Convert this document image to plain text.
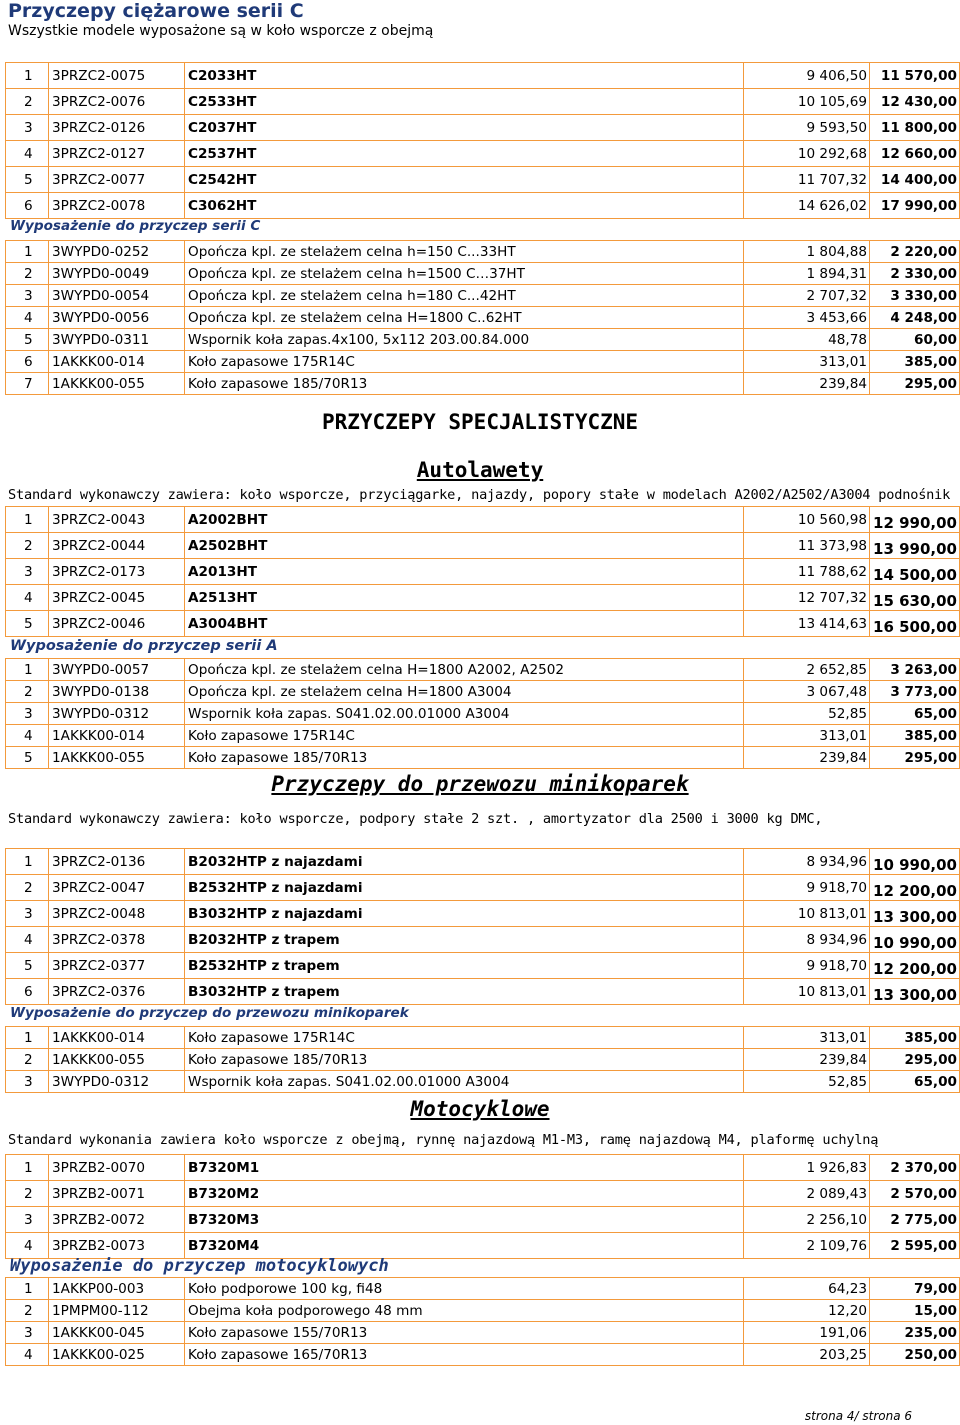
Przyczepy ciężarowe serii C
Wszystkie modele wyposażone są w koło wsporcze z obejmą
1	3PRZC2-0075	C2033HT	9 406,50	11 570,00
2	3PRZC2-0076	C2533HT	10 105,69	12 430,00
3	3PRZC2-0126	C2037HT	9 593,50	11 800,00
4	3PRZC2-0127	C2537HT	10 292,68	12 660,00
5	3PRZC2-0077	C2542HT	11 707,32	14 400,00
6	3PRZC2-0078	C3062HT	14 626,02	17 990,00
Wyposażenie do przyczep serii C
1	3WYPD0-0252	Opończa kpl. ze stelażem celna h=150 C...33HT	1 804,88	2 220,00
2	3WYPD0-0049	Opończa kpl. ze stelażem celna h=1500 C…37HT	1 894,31	2 330,00
3	3WYPD0-0054	Opończa kpl. ze stelażem celna h=180 C...42HT	2 707,32	3 330,00
4	3WYPD0-0056	Opończa kpl. ze stelażem celna H=1800 C..62HT	3 453,66	4 248,00
5	3WYPD0-0311	Wspornik koła zapas.4x100, 5x112 203.00.84.000	48,78	60,00
6	1AKKK00-014	Koło zapasowe 175R14C	313,01	385,00
7	1AKKK00-055	Koło zapasowe 185/70R13	239,84	295,00
PRZYCZEPY SPECJALISTYCZNE
Autolawety
Standard wykonawczy zawiera: koło wsporcze, przyciągarke, najazdy, popory stałe w modelach A2002/A2502/A3004 podnośnik
1	3PRZC2-0043	A2002BHT	10 560,98	12 990,00
2	3PRZC2-0044	A2502BHT	11 373,98	13 990,00
3	3PRZC2-0173	A2013HT	11 788,62	14 500,00
4	3PRZC2-0045	A2513HT	12 707,32	15 630,00
5	3PRZC2-0046	A3004BHT	13 414,63	16 500,00
Wyposażenie do przyczep serii A
1	3WYPD0-0057	Opończa kpl. ze stelażem celna H=1800 A2002, A2502	2 652,85	3 263,00
2	3WYPD0-0138	Opończa kpl. ze stelażem celna H=1800 A3004	3 067,48	3 773,00
3	3WYPD0-0312	Wspornik koła zapas. S041.02.00.01000 A3004	52,85	65,00
4	1AKKK00-014	Koło zapasowe 175R14C	313,01	385,00
5	1AKKK00-055	Koło zapasowe 185/70R13	239,84	295,00
Przyczepy do przewozu minikoparek
Standard wykonawczy zawiera: koło wsporcze, podpory stałe 2 szt. , amortyzator dla 2500 i 3000 kg DMC,
1	3PRZC2-0136	B2032HTP z najazdami	8 934,96	10 990,00
2	3PRZC2-0047	B2532HTP z najazdami	9 918,70	12 200,00
3	3PRZC2-0048	B3032HTP z najazdami	10 813,01	13 300,00
4	3PRZC2-0378	B2032HTP z trapem	8 934,96	10 990,00
5	3PRZC2-0377	B2532HTP z trapem	9 918,70	12 200,00
6	3PRZC2-0376	B3032HTP z trapem	10 813,01	13 300,00
Wyposażenie do przyczep do przewozu minikoparek
1	1AKKK00-014	Koło zapasowe 175R14C	313,01	385,00
2	1AKKK00-055	Koło zapasowe 185/70R13	239,84	295,00
3	3WYPD0-0312	Wspornik koła zapas. S041.02.00.01000 A3004	52,85	65,00
Motocyklowe
Standard wykonania zawiera koło wsporcze z obejmą, rynnę najazdową M1-M3, ramę najazdową M4, plaformę uchylną
1	3PRZB2-0070	B7320M1	1 926,83	2 370,00
2	3PRZB2-0071	B7320M2	2 089,43	2 570,00
3	3PRZB2-0072	B7320M3	2 256,10	2 775,00
4	3PRZB2-0073	B7320M4	2 109,76	2 595,00
Wyposażenie do przyczep motocyklowych
1	1AKKP00-003	Koło podporowe 100 kg, fi48	64,23	79,00
2	1PMPM00-112	Obejma koła podporowego 48 mm	12,20	15,00
3	1AKKK00-045	Koło zapasowe 155/70R13	191,06	235,00
4	1AKKK00-025	Koło zapasowe 165/70R13	203,25	250,00
strona 4/ strona 6
